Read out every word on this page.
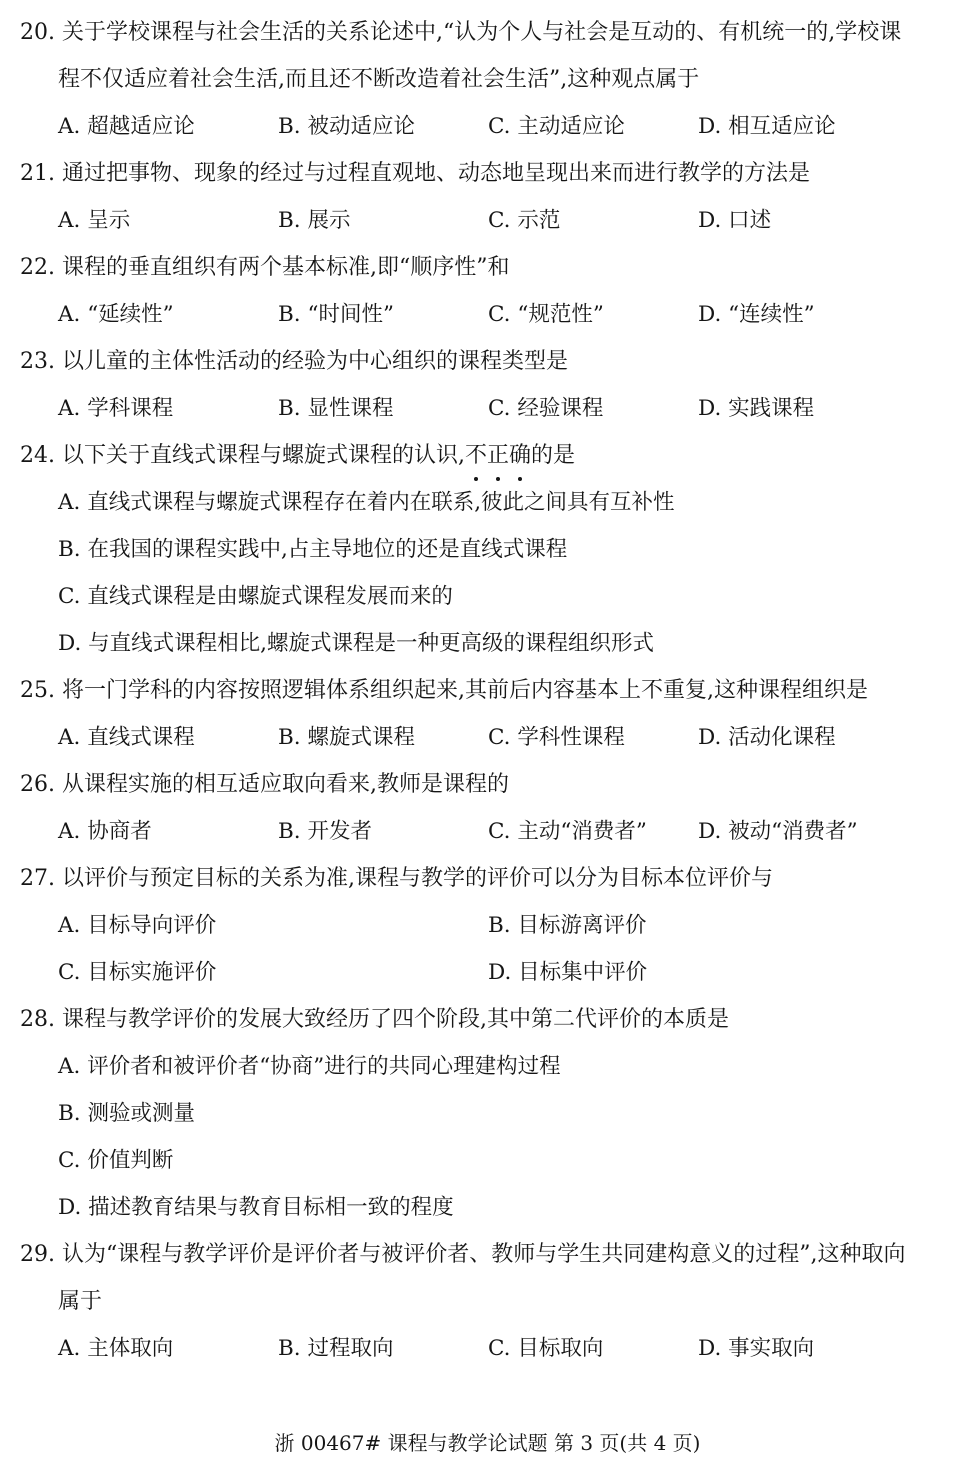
20. 关于学校课程与社会生活的关系论述中,“认为个人与社会是互动的、有机统一的,学校课
程不仅适应着社会生活,而且还不断改造着社会生活”,这种观点属于
A. 超越适应论	B. 被动适应论	C. 主动适应论	D. 相互适应论
21. 通过把事物、现象的经过与过程直观地、动态地呈现出来而进行教学的方法是
A. 呈示	B. 展示	C. 示范	D. 口述
22. 课程的垂直组织有两个基本标准,即“顺序性”和
A. “延续性”	B. “时间性”	C. “规范性”	D. “连续性”
23. 以儿童的主体性活动的经验为中心组织的课程类型是
A. 学科课程	B. 显性课程	C. 经验课程	D. 实践课程
24. 以下关于直线式课程与螺旋式课程的认识,不正确
的是
A. 直线式课程与螺旋式课程存在着内在联系,彼此之间具有互补性
B. 在我国的课程实践中,占主导地位的还是直线式课程
C. 直线式课程是由螺旋式课程发展而来的
D. 与直线式课程相比,螺旋式课程是一种更高级的课程组织形式
25. 将一门学科的内容按照逻辑体系组织起来,其前后内容基本上不重复,这种课程组织是
A. 直线式课程	B. 螺旋式课程	C. 学科性课程	D. 活动化课程
26. 从课程实施的相互适应取向看来,教师是课程的
A. 协商者	B. 开发者	C. 主动“消费者” D. 被动“消费者”
27. 以评价与预定目标的关系为准,课程与教学的评价可以分为目标本位评价与
A. 目标导向评价	B. 目标游离评价
C. 目标实施评价	D. 目标集中评价
28. 课程与教学评价的发展大致经历了四个阶段,其中第二代评价的本质是
A. 评价者和被评价者“协商”进行的共同心理建构过程
B. 测验或测量
C. 价值判断
D. 描述教育结果与教育目标相一致的程度
29. 认为“课程与教学评价是评价者与被评价者、教师与学生共同建构意义的过程”,这种取向
属于
A. 主体取向	B. 过程取向	C. 目标取向	D. 事实取向
浙 00467# 课程与教学论试题 第 3 页(共 4 页)
